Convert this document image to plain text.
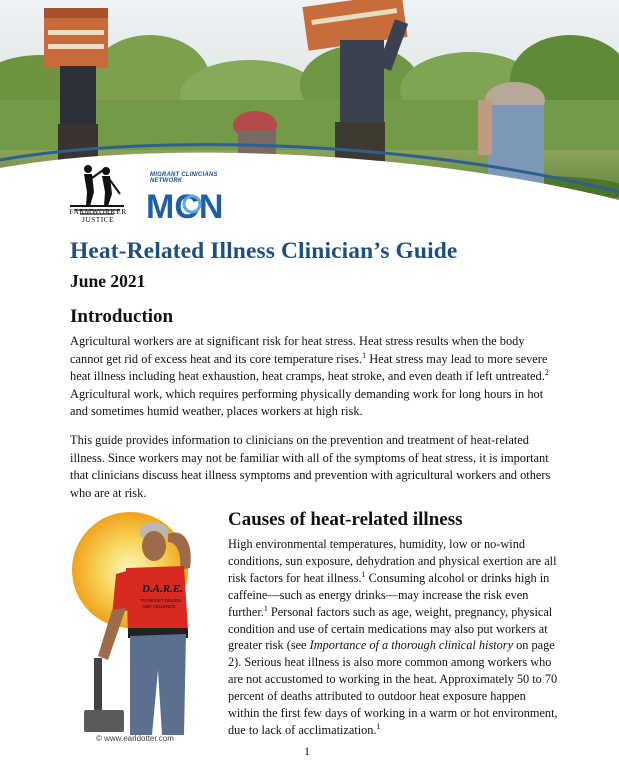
FARMWORKER
JUSTICE
MIGRANT CLINICIANS NETWORK
MCN
Heat-Related Illness Clinician’s Guide
June 2021
Introduction

Agricultural workers are at significant risk for heat stress. Heat stress results when the body cannot get rid of excess heat and its core temperature rises.$^1$ Heat stress may lead to more severe heat illness including heat exhaustion, heat cramps, heat stroke, and even death if left untreated.$^2$ Agricultural work, which requires performing physically demanding work for long hours in hot and sometimes humid weather, places workers at high risk.

This guide provides information to clinicians on the prevention and treatment of heat-related illness. Since workers may not be familiar with all of the symptoms of heat stress, it is important that clinicians discuss heat illness symptoms and prevention with agricultural workers and others who are at risk.

D.A.R.E.
TO RESIST DRUGS
AND VIOLENCE
© www.earldotter.com
Causes of heat-related illness

High environmental temperatures, humidity, low or no-wind conditions, sun exposure, dehydration and physical exertion are all risk factors for heat illness.$^1$ Consuming alcohol or drinks high in caffeine—such as energy drinks—may increase the risk even further.$^1$ Personal factors such as age, weight, pregnancy, physical condition and use of certain medications may also put workers at greater risk (see Importance of a thorough clinical history on page 2). Serious heat illness is also more common among workers who are not accustomed to working in the heat. Approximately 50 to 70 percent of deaths attributed to outdoor heat exposure happen within the first few days of working in a warm or hot environment, due to lack of acclimatization.$^1$

1
